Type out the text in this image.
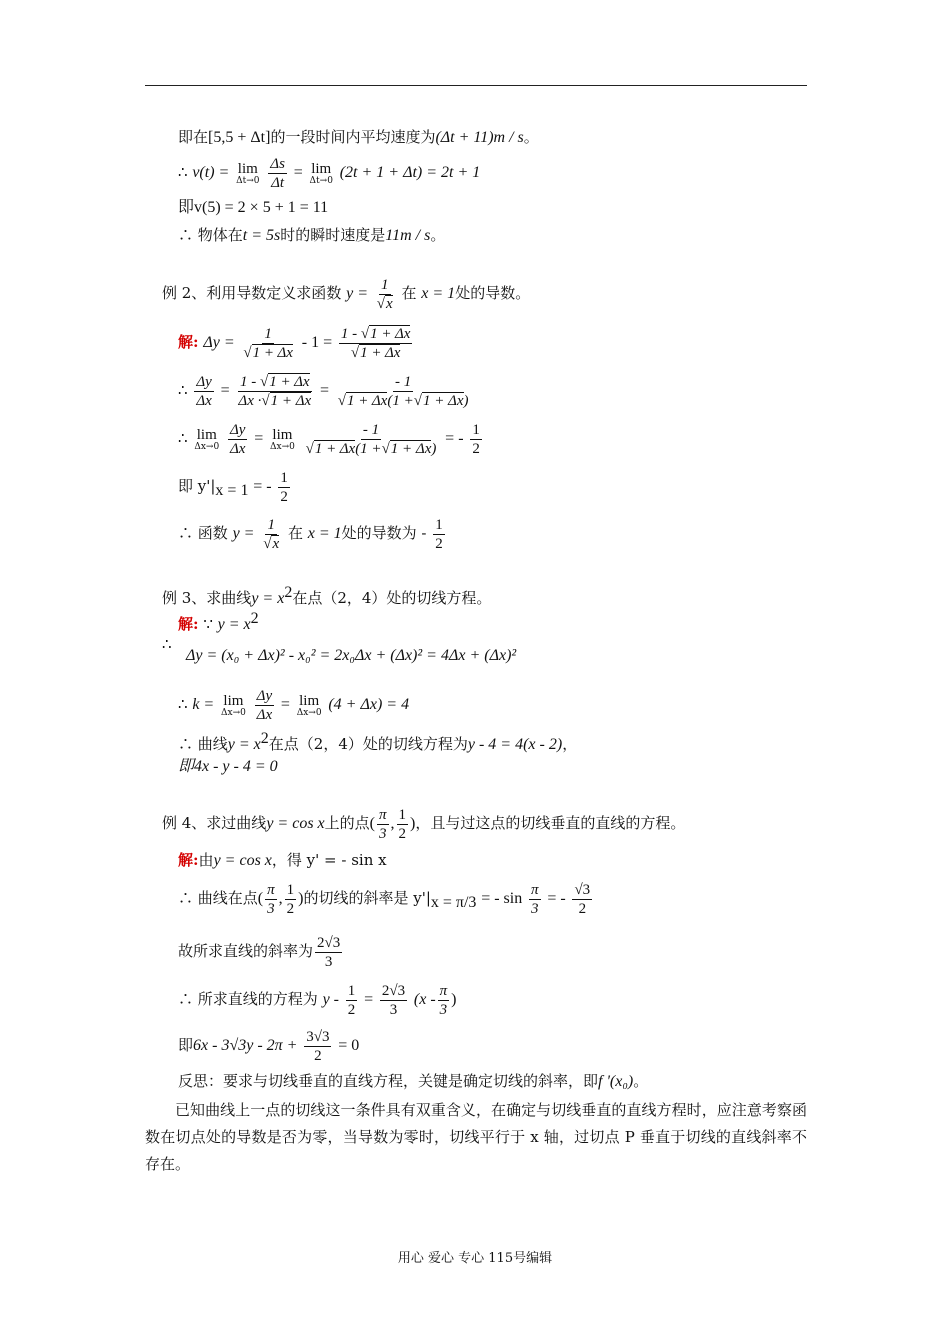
即在[5,5 + Δt]的一段时间内平均速度为(Δt + 11)m / s。
∴ v(t) = lim
Δt→0
$\frac{\Delta s}{\Delta t} = \lim$
Δt→0 (2t + 1 + Δt) = 2t + 1
即v(5) = 2 × 5 + 1 = 11
∴ 物体在t = 5s时的瞬时速度是11m / s。
例 2、利用导数定义求函数 $y = \frac{1}{√x}$ 在 x = 1处的导数。
解: $\Delta y = \frac{1}{√1 + \Delta x} - 1 = \frac{1 - √1 + \Delta x}{√1 + \Delta x}$
∴ $\frac{\Delta y}{\Delta x} = \frac{1 - √1 + \Delta x}{\Delta x \cdot√1 + \Delta x} = \frac{- 1}{√1 + \Delta x(1 +√1 + \Delta x)}$
∴ lim
Δx→0
$\frac{\Delta y}{\Delta x} = \lim$
Δx→0
$\frac{- 1}{√1 + \Delta x(1 +√1 + \Delta x)}$ = - $\frac{1}{2}$
即 $y'|_{x = 1}$ = - $\frac{1}{2}$
∴ 函数 $y = \frac{1}{√x}$ 在 x = 1处的导数为 - $\frac{1}{2}$
例 3、求曲线$y = x^2$在点（2，4）处的切线方程。
解: ∵ $y = x^2$
∴
Δy = (x₀ + Δx)² - x₀² = 2x₀Δx + (Δx)² = 4Δx + (Δx)²
∴ k = lim
Δx→0
$\frac{\Delta y}{\Delta x} = \lim$
Δx→0 (4 + Δx) = 4
∴ 曲线$y = x^2$在点（2，4）处的切线方程为y - 4 = 4(x - 2)，
即4x - y - 4 = 0
例 4、求过曲线y = cos x上的点( $\frac{\pi}{3}$ , $\frac{1}{2}$ )，且与过这点的切线垂直的直线的方程。
解:由y = cos x，得 y' = - sin x
∴ 曲线在点( $\frac{\pi}{3}$ , $\frac{1}{2}$ )的切线的斜率是 $y'|_{x = \pi/3}$ = - $\sin \frac{\pi}{3}$ = - $\frac{√3}{2}$
故所求直线的斜率为 $\frac{2√3}{3}$
∴ 所求直线的方程为 $y - \frac{1}{2} = \frac{2√3}{3} (x - \frac{\pi}{3}$ )
即$6x - 3√3y - 2\pi + \frac{3√3}{2} = 0$
反思：要求与切线垂直的直线方程，关键是确定切线的斜率，即f '(x₀)。
已知曲线上一点的切线这一条件具有双重含义，在确定与切线垂直的直线方程时，应注意考察函数在切点处的导数是否为零，当导数为零时，切线平行于 x 轴，过切点 P 垂直于切线的直线斜率不存在。
用心 爱心 专心 115号编辑
